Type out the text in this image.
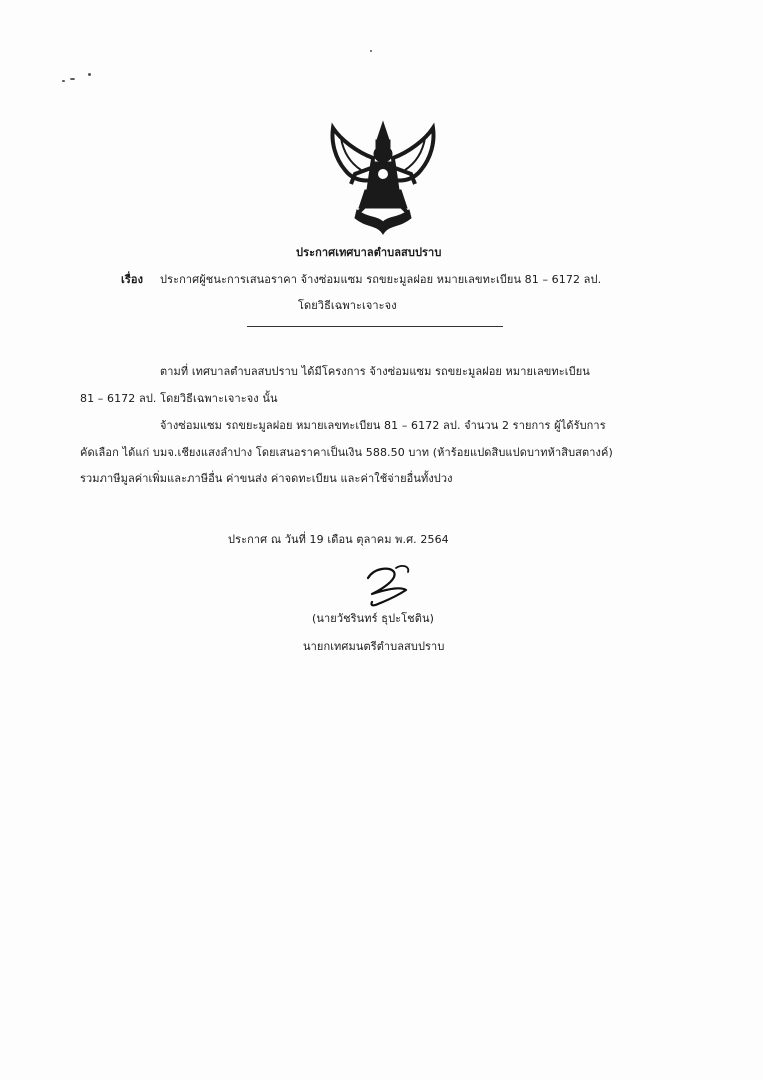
ประกาศเทศบาลตำบลสบปราบ
เรื่อง ประกาศผู้ชนะการเสนอราคา จ้างซ่อมแซม รถขยะมูลฝอย หมายเลขทะเบียน 81 – 6172 ลป.
โดยวิธีเฉพาะเจาะจง
ตามที่ เทศบาลตำบลสบปราบ ได้มีโครงการ จ้างซ่อมแซม รถขยะมูลฝอย หมายเลขทะเบียน
81 – 6172 ลป. โดยวิธีเฉพาะเจาะจง นั้น
จ้างซ่อมแซม รถขยะมูลฝอย หมายเลขทะเบียน 81 – 6172 ลป. จำนวน 2 รายการ ผู้ได้รับการ
คัดเลือก ได้แก่ บมจ.เชียงแสงลำปาง โดยเสนอราคาเป็นเงิน 588.50 บาท (ห้าร้อยแปดสิบแปดบาทห้าสิบสตางค์)
รวมภาษีมูลค่าเพิ่มและภาษีอื่น ค่าขนส่ง ค่าจดทะเบียน และค่าใช้จ่ายอื่นทั้งปวง
ประกาศ ณ วันที่ 19 เดือน ตุลาคม พ.ศ. 2564
(นายวัชรินทร์ ธุปะโชติน)
นายกเทศมนตรีตำบลสบปราบ
